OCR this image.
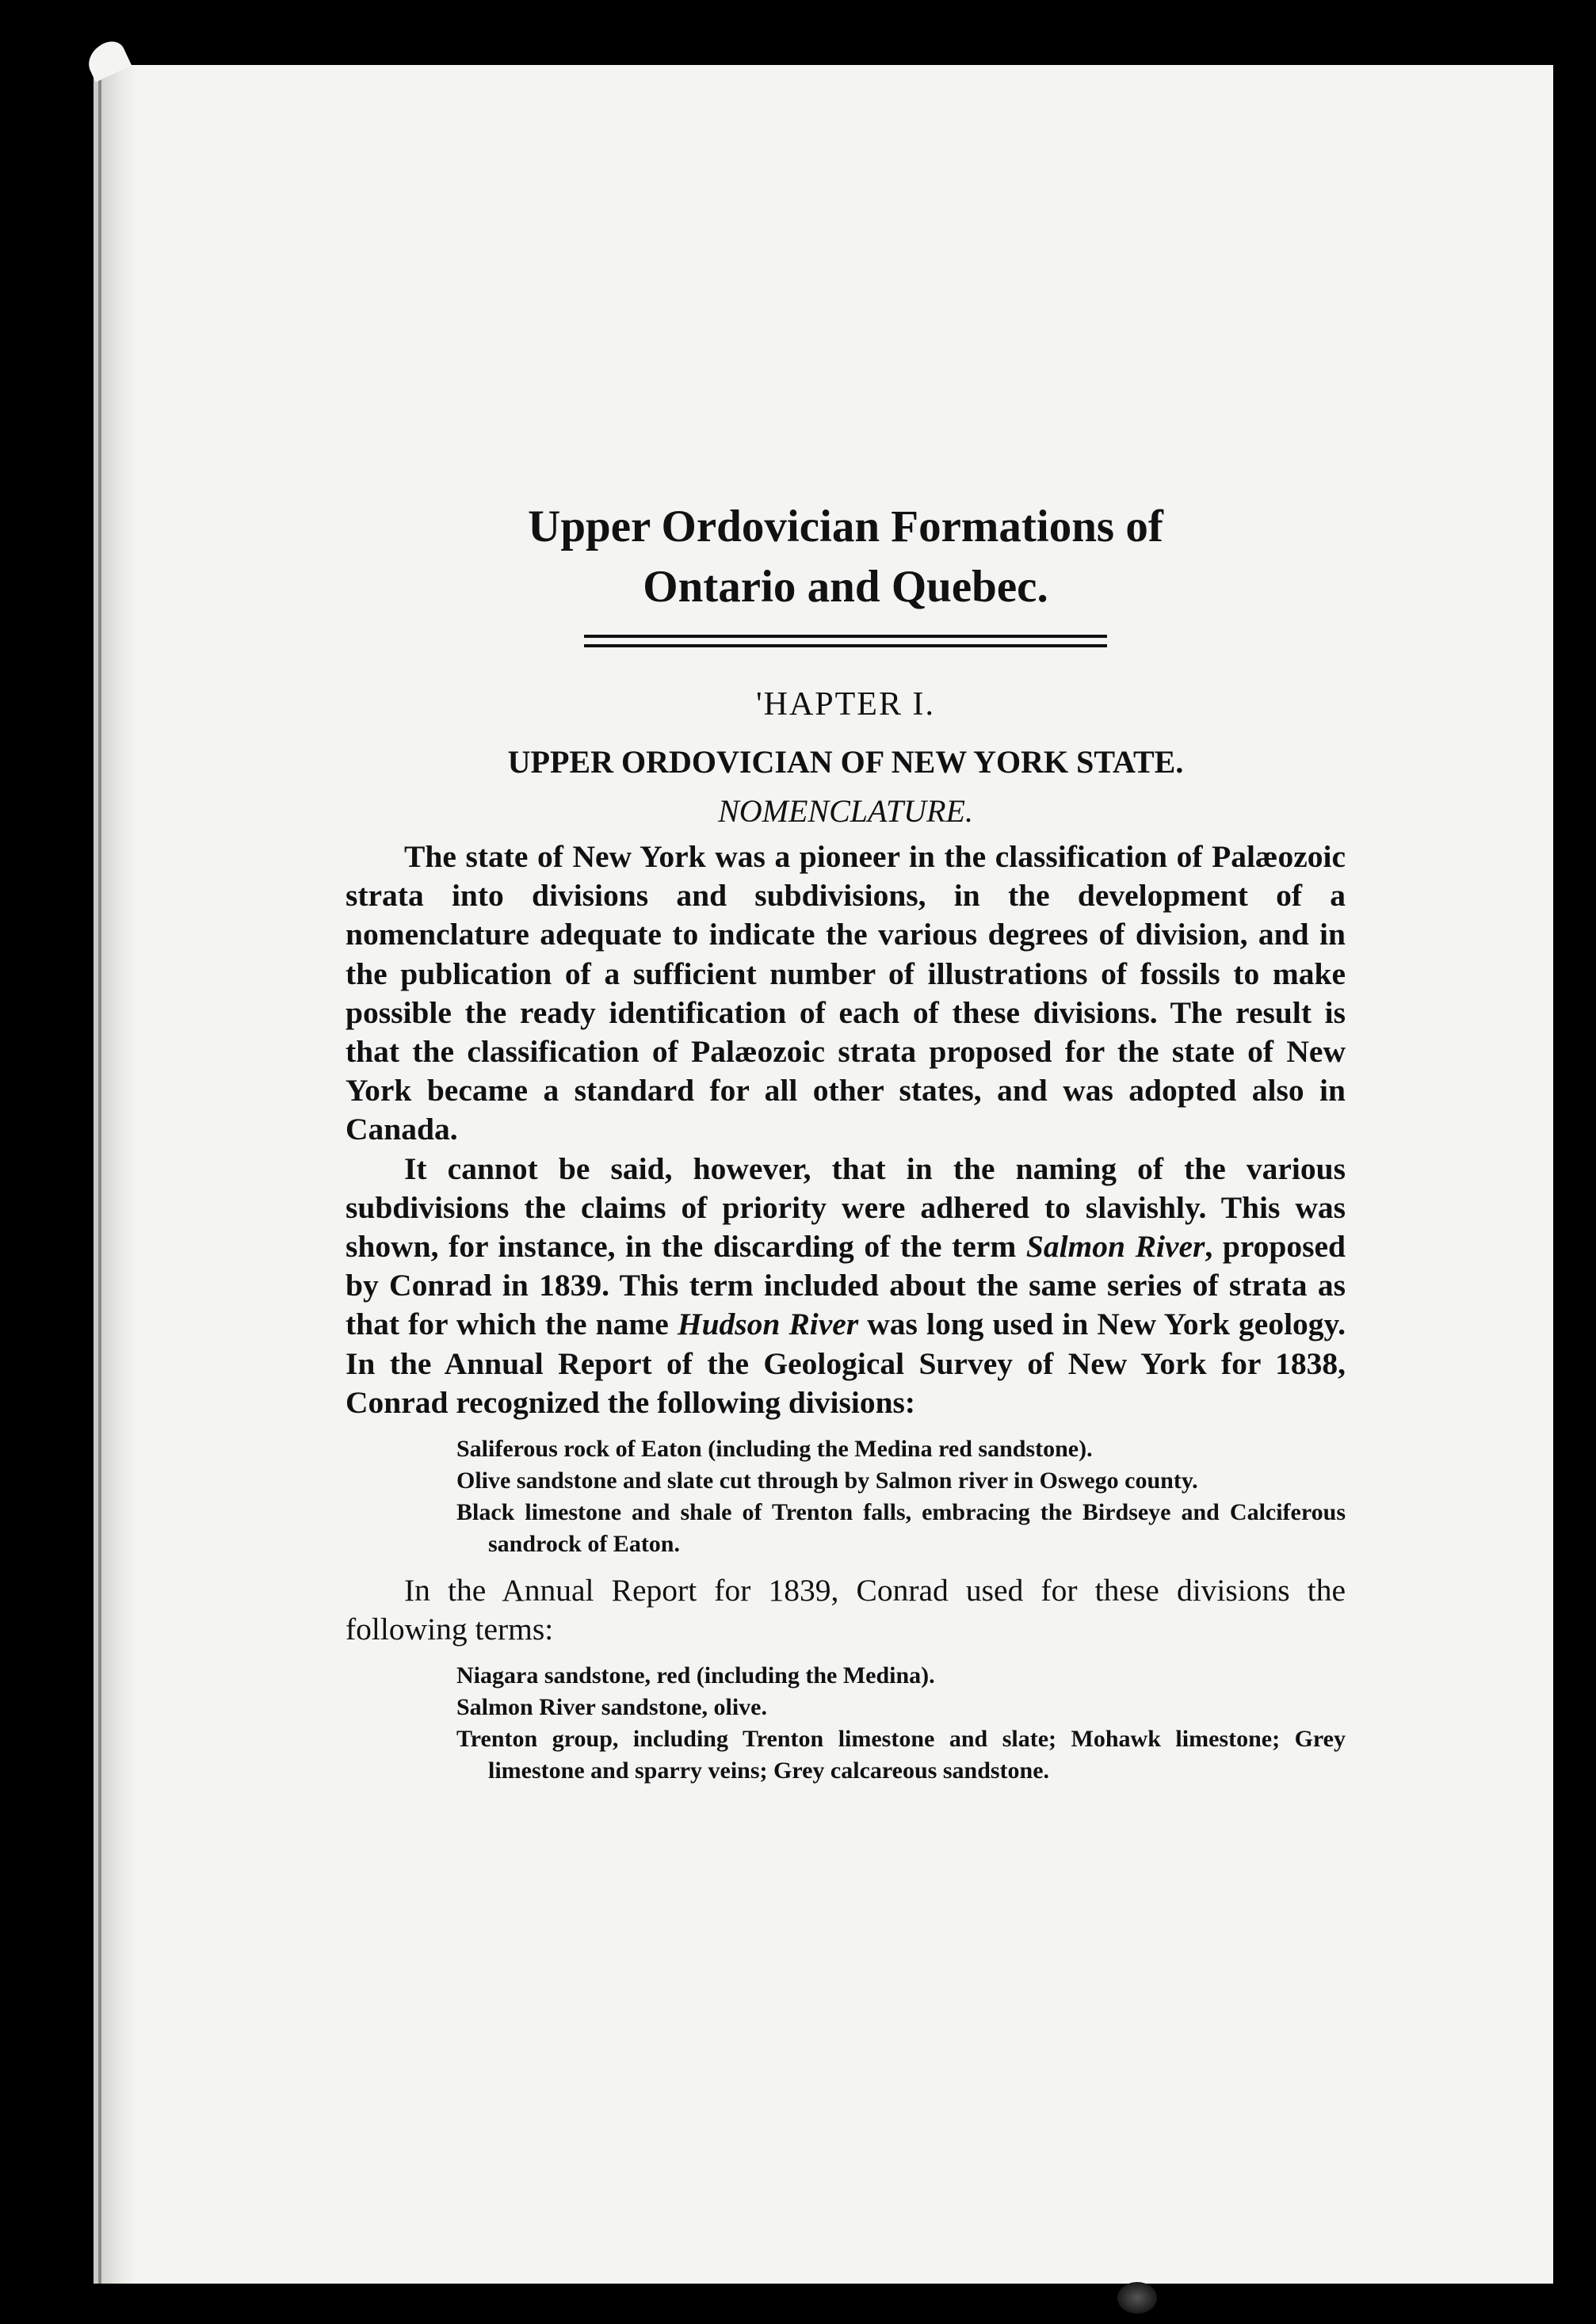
Upper Ordovician Formations of
Ontario and Quebec.

'HAPTER I.

UPPER ORDOVICIAN OF NEW YORK STATE.

NOMENCLATURE.

The state of New York was a pioneer in the classification of Palæozoic strata into divisions and subdivisions, in the development of a nomenclature adequate to indicate the various degrees of division, and in the publication of a sufficient number of illustrations of fossils to make possible the ready identification of each of these divisions. The result is that the classification of Palæozoic strata proposed for the state of New York became a standard for all other states, and was adopted also in Canada.

It cannot be said, however, that in the naming of the various subdivisions the claims of priority were adhered to slavishly. This was shown, for instance, in the discarding of the term Salmon River, proposed by Conrad in 1839. This term included about the same series of strata as that for which the name Hudson River was long used in New York geology. In the Annual Report of the Geological Survey of New York for 1838, Conrad recognized the following divisions:

Saliferous rock of Eaton (including the Medina red sandstone).
Olive sandstone and slate cut through by Salmon river in Oswego county.
Black limestone and shale of Trenton falls, embracing the Birdseye and Calciferous sandrock of Eaton.

In the Annual Report for 1839, Conrad used for these divisions the following terms:

Niagara sandstone, red (including the Medina).
Salmon River sandstone, olive.
Trenton group, including Trenton limestone and slate; Mohawk limestone; Grey limestone and sparry veins; Grey calcareous sandstone.
